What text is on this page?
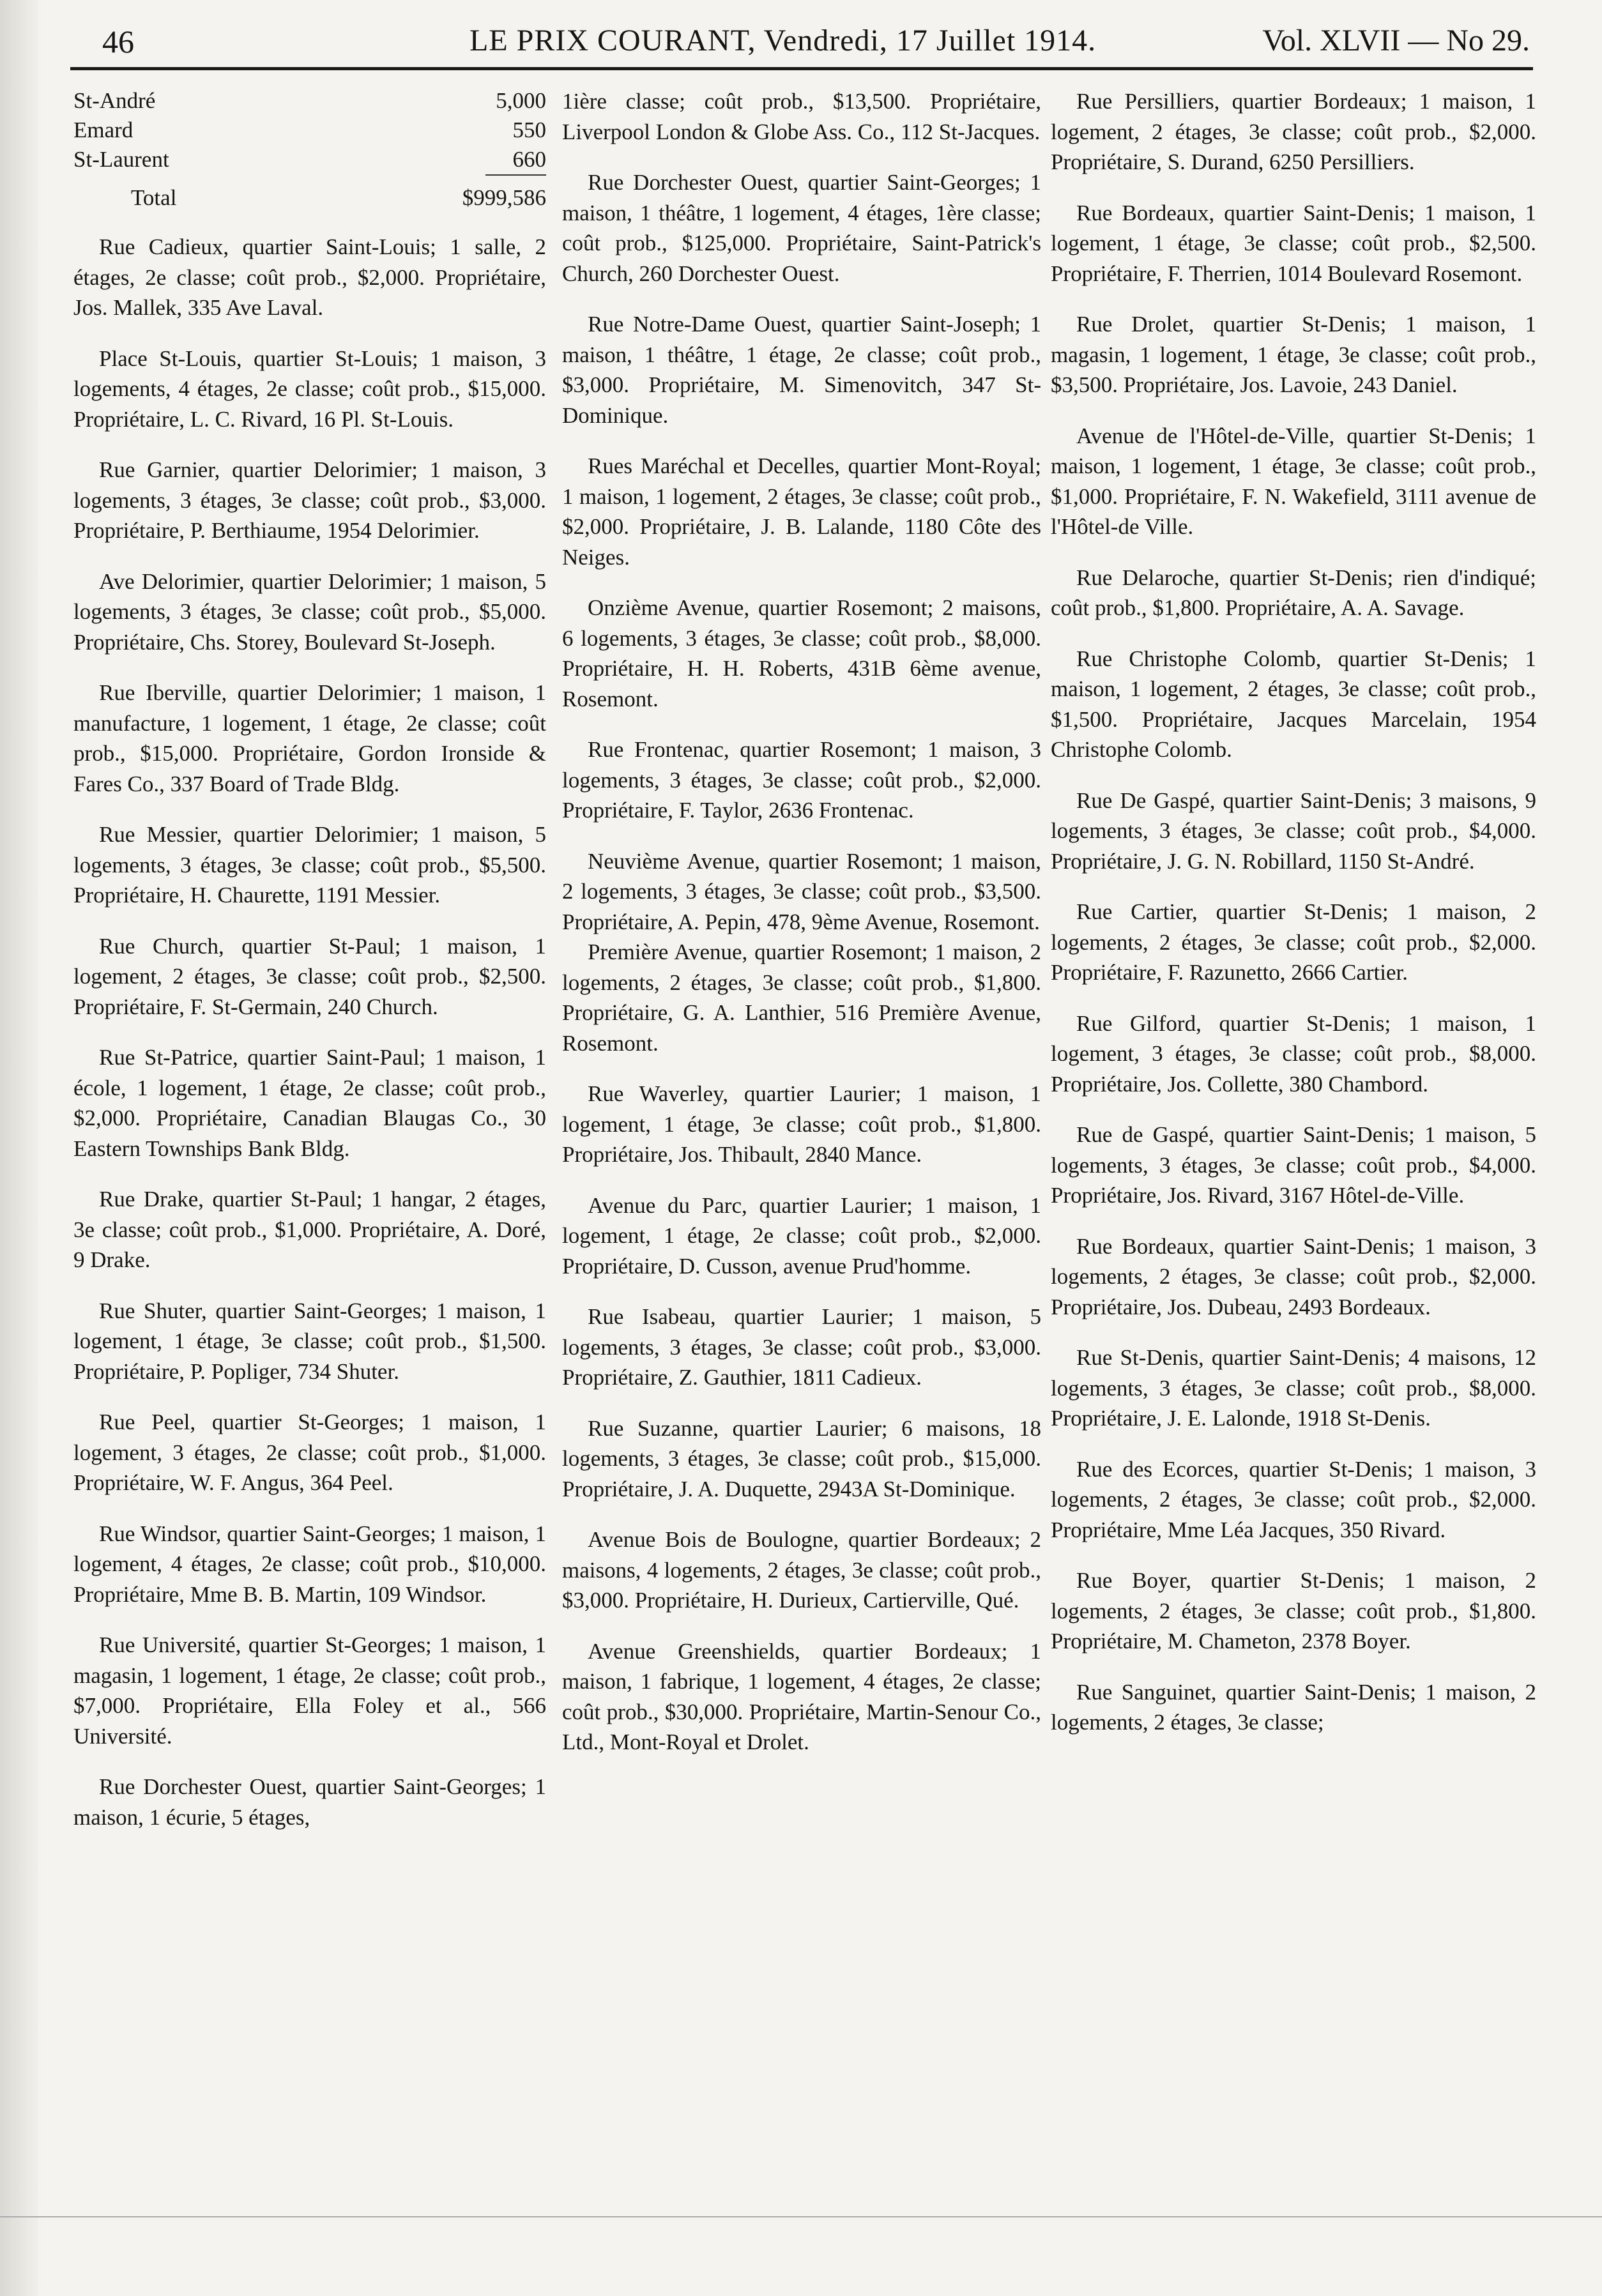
46	LE PRIX COURANT, Vendredi, 17 Juillet 1914.	Vol. XLVII — No 29.
St-André	5,000
Emard	550
St-Laurent	660
Total	$999,586

Rue Cadieux, quartier Saint-Louis; 1 salle, 2 étages, 2e classe; coût prob., $2,000. Propriétaire, Jos. Mallek, 335 Ave Laval.

Place St-Louis, quartier St-Louis; 1 maison, 3 logements, 4 étages, 2e classe; coût prob., $15,000. Propriétaire, L. C. Rivard, 16 Pl. St-Louis.

Rue Garnier, quartier Delorimier; 1 maison, 3 logements, 3 étages, 3e classe; coût prob., $3,000. Propriétaire, P. Berthiaume, 1954 Delorimier.

Ave Delorimier, quartier Delorimier; 1 maison, 5 logements, 3 étages, 3e classe; coût prob., $5,000. Propriétaire, Chs. Storey, Boulevard St-Joseph.

Rue Iberville, quartier Delorimier; 1 maison, 1 manufacture, 1 logement, 1 étage, 2e classe; coût prob., $15,000. Propriétaire, Gordon Ironside & Fares Co., 337 Board of Trade Bldg.

Rue Messier, quartier Delorimier; 1 maison, 5 logements, 3 étages, 3e classe; coût prob., $5,500. Propriétaire, H. Chaurette, 1191 Messier.

Rue Church, quartier St-Paul; 1 maison, 1 logement, 2 étages, 3e classe; coût prob., $2,500. Propriétaire, F. St-Germain, 240 Church.

Rue St-Patrice, quartier Saint-Paul; 1 maison, 1 école, 1 logement, 1 étage, 2e classe; coût prob., $2,000. Propriétaire, Canadian Blaugas Co., 30 Eastern Townships Bank Bldg.

Rue Drake, quartier St-Paul; 1 hangar, 2 étages, 3e classe; coût prob., $1,000. Propriétaire, A. Doré, 9 Drake.

Rue Shuter, quartier Saint-Georges; 1 maison, 1 logement, 1 étage, 3e classe; coût prob., $1,500. Propriétaire, P. Popliger, 734 Shuter.

Rue Peel, quartier St-Georges; 1 maison, 1 logement, 3 étages, 2e classe; coût prob., $1,000. Propriétaire, W. F. Angus, 364 Peel.

Rue Windsor, quartier Saint-Georges; 1 maison, 1 logement, 4 étages, 2e classe; coût prob., $10,000. Propriétaire, Mme B. B. Martin, 109 Windsor.

Rue Université, quartier St-Georges; 1 maison, 1 magasin, 1 logement, 1 étage, 2e classe; coût prob., $7,000. Propriétaire, Ella Foley et al., 566 Université.

Rue Dorchester Ouest, quartier Saint-Georges; 1 maison, 1 écurie, 5 étages,

1ière classe; coût prob., $13,500. Propriétaire, Liverpool London & Globe Ass. Co., 112 St-Jacques.

Rue Dorchester Ouest, quartier Saint-Georges; 1 maison, 1 théâtre, 1 logement, 4 étages, 1ère classe; coût prob., $125,000. Propriétaire, Saint-Patrick's Church, 260 Dorchester Ouest.

Rue Notre-Dame Ouest, quartier Saint-Joseph; 1 maison, 1 théâtre, 1 étage, 2e classe; coût prob., $3,000. Propriétaire, M. Simenovitch, 347 St-Dominique.

Rues Maréchal et Decelles, quartier Mont-Royal; 1 maison, 1 logement, 2 étages, 3e classe; coût prob., $2,000. Propriétaire, J. B. Lalande, 1180 Côte des Neiges.

Onzième Avenue, quartier Rosemont; 2 maisons, 6 logements, 3 étages, 3e classe; coût prob., $8,000. Propriétaire, H. H. Roberts, 431B 6ème avenue, Rosemont.

Rue Frontenac, quartier Rosemont; 1 maison, 3 logements, 3 étages, 3e classe; coût prob., $2,000. Propriétaire, F. Taylor, 2636 Frontenac.

Neuvième Avenue, quartier Rosemont; 1 maison, 2 logements, 3 étages, 3e classe; coût prob., $3,500. Propriétaire, A. Pepin, 478, 9ème Avenue, Rosemont.

Première Avenue, quartier Rosemont; 1 maison, 2 logements, 2 étages, 3e classe; coût prob., $1,800. Propriétaire, G. A. Lanthier, 516 Première Avenue, Rosemont.

Rue Waverley, quartier Laurier; 1 maison, 1 logement, 1 étage, 3e classe; coût prob., $1,800. Propriétaire, Jos. Thibault, 2840 Mance.

Avenue du Parc, quartier Laurier; 1 maison, 1 logement, 1 étage, 2e classe; coût prob., $2,000. Propriétaire, D. Cusson, avenue Prud'homme.

Rue Isabeau, quartier Laurier; 1 maison, 5 logements, 3 étages, 3e classe; coût prob., $3,000. Propriétaire, Z. Gauthier, 1811 Cadieux.

Rue Suzanne, quartier Laurier; 6 maisons, 18 logements, 3 étages, 3e classe; coût prob., $15,000. Propriétaire, J. A. Duquette, 2943A St-Dominique.

Avenue Bois de Boulogne, quartier Bordeaux; 2 maisons, 4 logements, 2 étages, 3e classe; coût prob., $3,000. Propriétaire, H. Durieux, Cartierville, Qué.

Avenue Greenshields, quartier Bordeaux; 1 maison, 1 fabrique, 1 logement, 4 étages, 2e classe; coût prob., $30,000. Propriétaire, Martin-Senour Co., Ltd., Mont-Royal et Drolet.

Rue Persilliers, quartier Bordeaux; 1 maison, 1 logement, 2 étages, 3e classe; coût prob., $2,000. Propriétaire, S. Durand, 6250 Persilliers.

Rue Bordeaux, quartier Saint-Denis; 1 maison, 1 logement, 1 étage, 3e classe; coût prob., $2,500. Propriétaire, F. Therrien, 1014 Boulevard Rosemont.

Rue Drolet, quartier St-Denis; 1 maison, 1 magasin, 1 logement, 1 étage, 3e classe; coût prob., $3,500. Propriétaire, Jos. Lavoie, 243 Daniel.

Avenue de l'Hôtel-de-Ville, quartier St-Denis; 1 maison, 1 logement, 1 étage, 3e classe; coût prob., $1,000. Propriétaire, F. N. Wakefield, 3111 avenue de l'Hôtel-de Ville.

Rue Delaroche, quartier St-Denis; rien d'indiqué; coût prob., $1,800. Propriétaire, A. A. Savage.

Rue Christophe Colomb, quartier St-Denis; 1 maison, 1 logement, 2 étages, 3e classe; coût prob., $1,500. Propriétaire, Jacques Marcelain, 1954 Christophe Colomb.

Rue De Gaspé, quartier Saint-Denis; 3 maisons, 9 logements, 3 étages, 3e classe; coût prob., $4,000. Propriétaire, J. G. N. Robillard, 1150 St-André.

Rue Cartier, quartier St-Denis; 1 maison, 2 logements, 2 étages, 3e classe; coût prob., $2,000. Propriétaire, F. Razunetto, 2666 Cartier.

Rue Gilford, quartier St-Denis; 1 maison, 1 logement, 3 étages, 3e classe; coût prob., $8,000. Propriétaire, Jos. Collette, 380 Chambord.

Rue de Gaspé, quartier Saint-Denis; 1 maison, 5 logements, 3 étages, 3e classe; coût prob., $4,000. Propriétaire, Jos. Rivard, 3167 Hôtel-de-Ville.

Rue Bordeaux, quartier Saint-Denis; 1 maison, 3 logements, 2 étages, 3e classe; coût prob., $2,000. Propriétaire, Jos. Dubeau, 2493 Bordeaux.

Rue St-Denis, quartier Saint-Denis; 4 maisons, 12 logements, 3 étages, 3e classe; coût prob., $8,000. Propriétaire, J. E. Lalonde, 1918 St-Denis.

Rue des Ecorces, quartier St-Denis; 1 maison, 3 logements, 2 étages, 3e classe; coût prob., $2,000. Propriétaire, Mme Léa Jacques, 350 Rivard.

Rue Boyer, quartier St-Denis; 1 maison, 2 logements, 2 étages, 3e classe; coût prob., $1,800. Propriétaire, M. Chameton, 2378 Boyer.

Rue Sanguinet, quartier Saint-Denis; 1 maison, 2 logements, 2 étages, 3e classe;
